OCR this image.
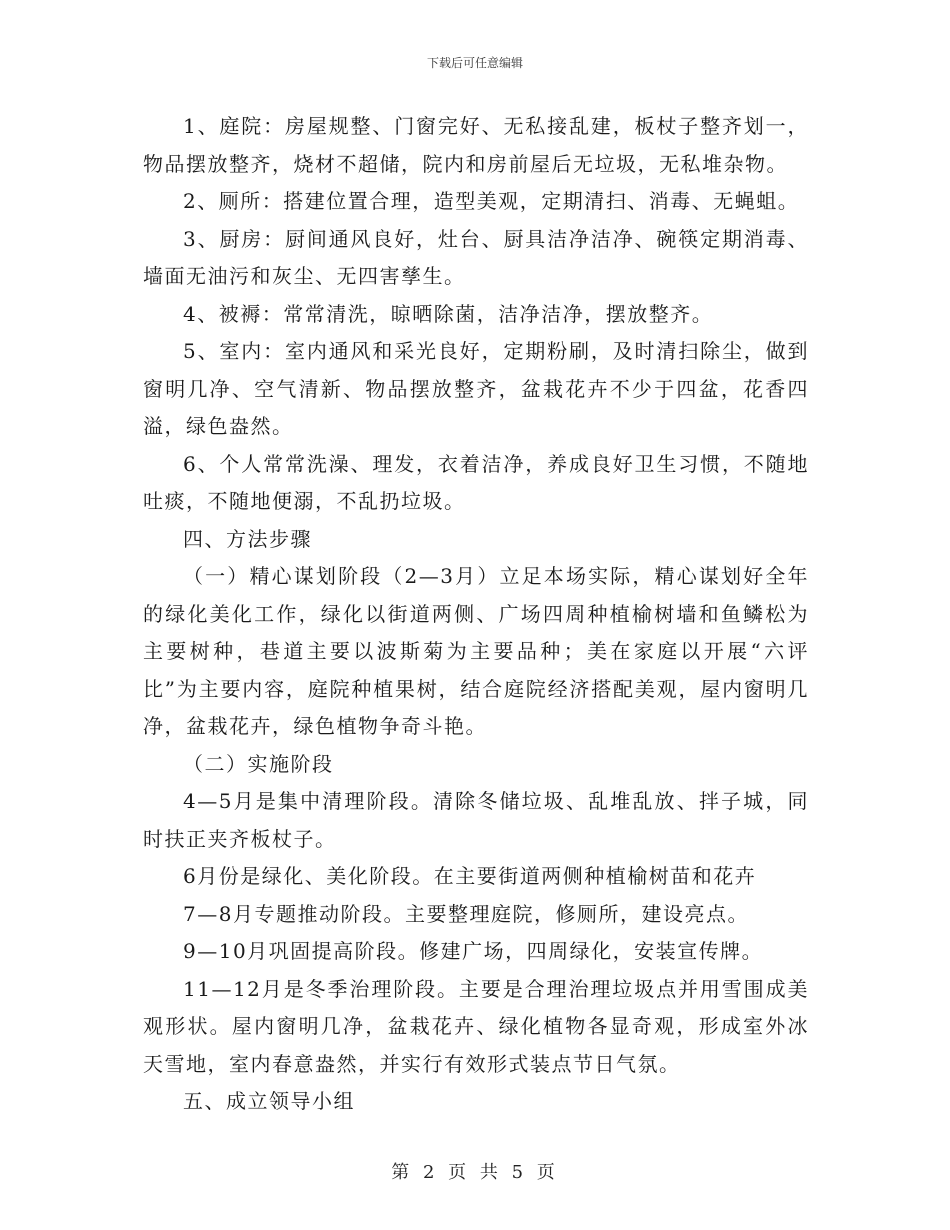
下载后可任意编辑

1、庭院：房屋规整、门窗完好、无私接乱建，板杖子整齐划一，物品摆放整齐，烧材不超储，院内和房前屋后无垃圾，无私堆杂物。

2、厕所：搭建位置合理，造型美观，定期清扫、消毒、无蝇蛆。

3、厨房：厨间通风良好，灶台、厨具洁净洁净、碗筷定期消毒、墙面无油污和灰尘、无四害孳生。

4、被褥：常常清洗，晾晒除菌，洁净洁净，摆放整齐。

5、室内：室内通风和采光良好，定期粉刷，及时清扫除尘，做到窗明几净、空气清新、物品摆放整齐，盆栽花卉不少于四盆，花香四溢，绿色盎然。

6、个人常常洗澡、理发，衣着洁净，养成良好卫生习惯，不随地吐痰，不随地便溺，不乱扔垃圾。

四、方法步骤

（一）精心谋划阶段（2—3月）立足本场实际，精心谋划好全年的绿化美化工作，绿化以街道两侧、广场四周种植榆树墙和鱼鳞松为主要树种，巷道主要以波斯菊为主要品种；美在家庭以开展“六评比”为主要内容，庭院种植果树，结合庭院经济搭配美观，屋内窗明几净，盆栽花卉，绿色植物争奇斗艳。

（二）实施阶段

4—5月是集中清理阶段。清除冬储垃圾、乱堆乱放、拌子城，同时扶正夹齐板杖子。

6月份是绿化、美化阶段。在主要街道两侧种植榆树苗和花卉

7—8月专题推动阶段。主要整理庭院，修厕所，建设亮点。

9—10月巩固提高阶段。修建广场，四周绿化，安装宣传牌。

11—12月是冬季治理阶段。主要是合理治理垃圾点并用雪围成美观形状。屋内窗明几净，盆栽花卉、绿化植物各显奇观，形成室外冰天雪地，室内春意盎然，并实行有效形式装点节日气氛。

五、成立领导小组

第 2 页 共 5 页
